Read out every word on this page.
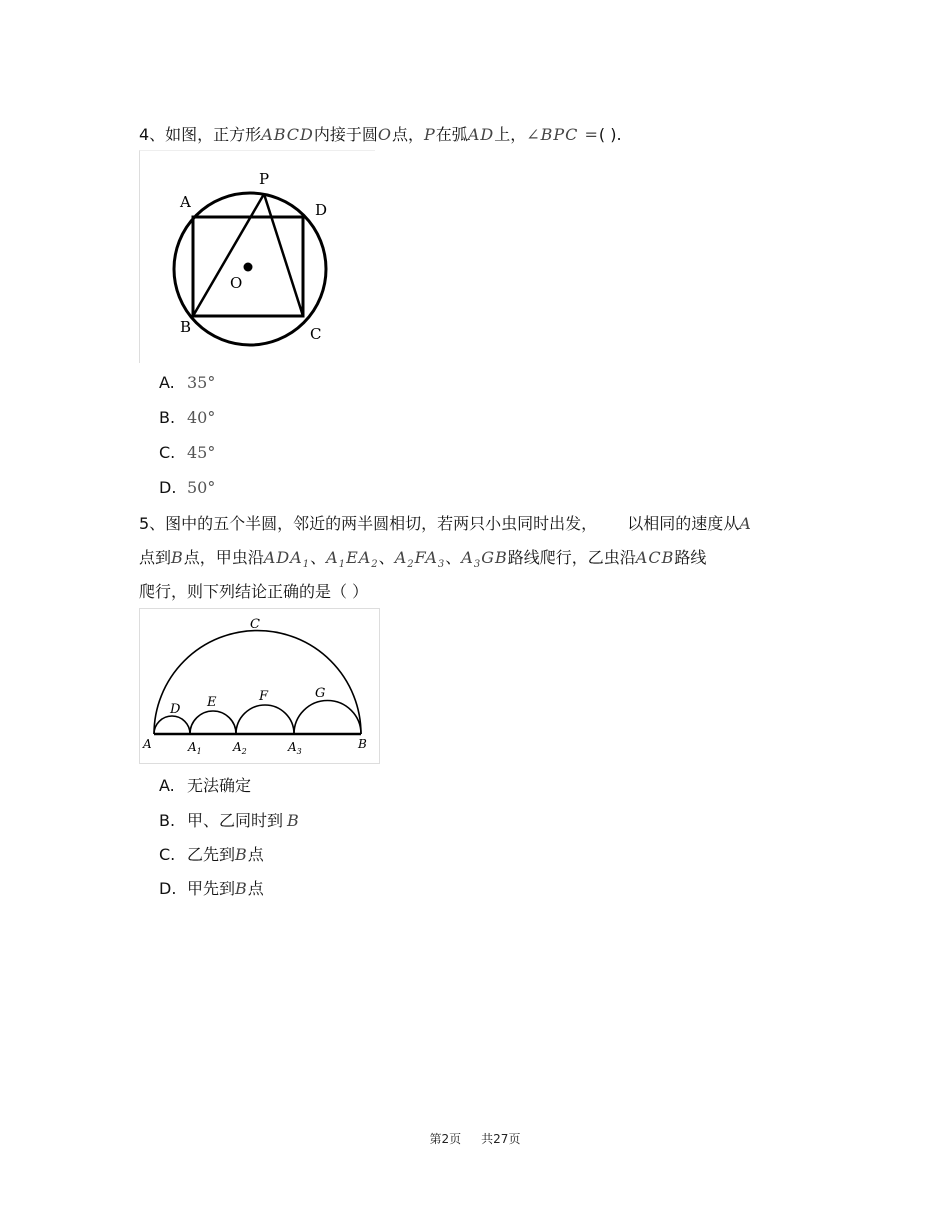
4、如图，正方形ABCD内接于圆O点，P在弧AD上，∠BPC =( ).
A
P
D
O
B	C
A. 35°
B. 40°
C. 45°
D. 50°
5、图中的五个半圆，邻近的两半圆相切，若两只小虫同时出发， 以相同的速度从A
点到B点，甲虫沿$ADA_1$、$A_1EA_2$、$A_2FA_3$、$A_3GB$路线爬行，乙虫沿ACB路线
爬行，则下列结论正确的是（ ）
C
D E	F	G
A	$A_1$	$A_2$	$A_3$
B
A. 无法确定
B. 甲、乙同时到 B
C. 乙先到B点
D. 甲先到B点
第2页 共27页
